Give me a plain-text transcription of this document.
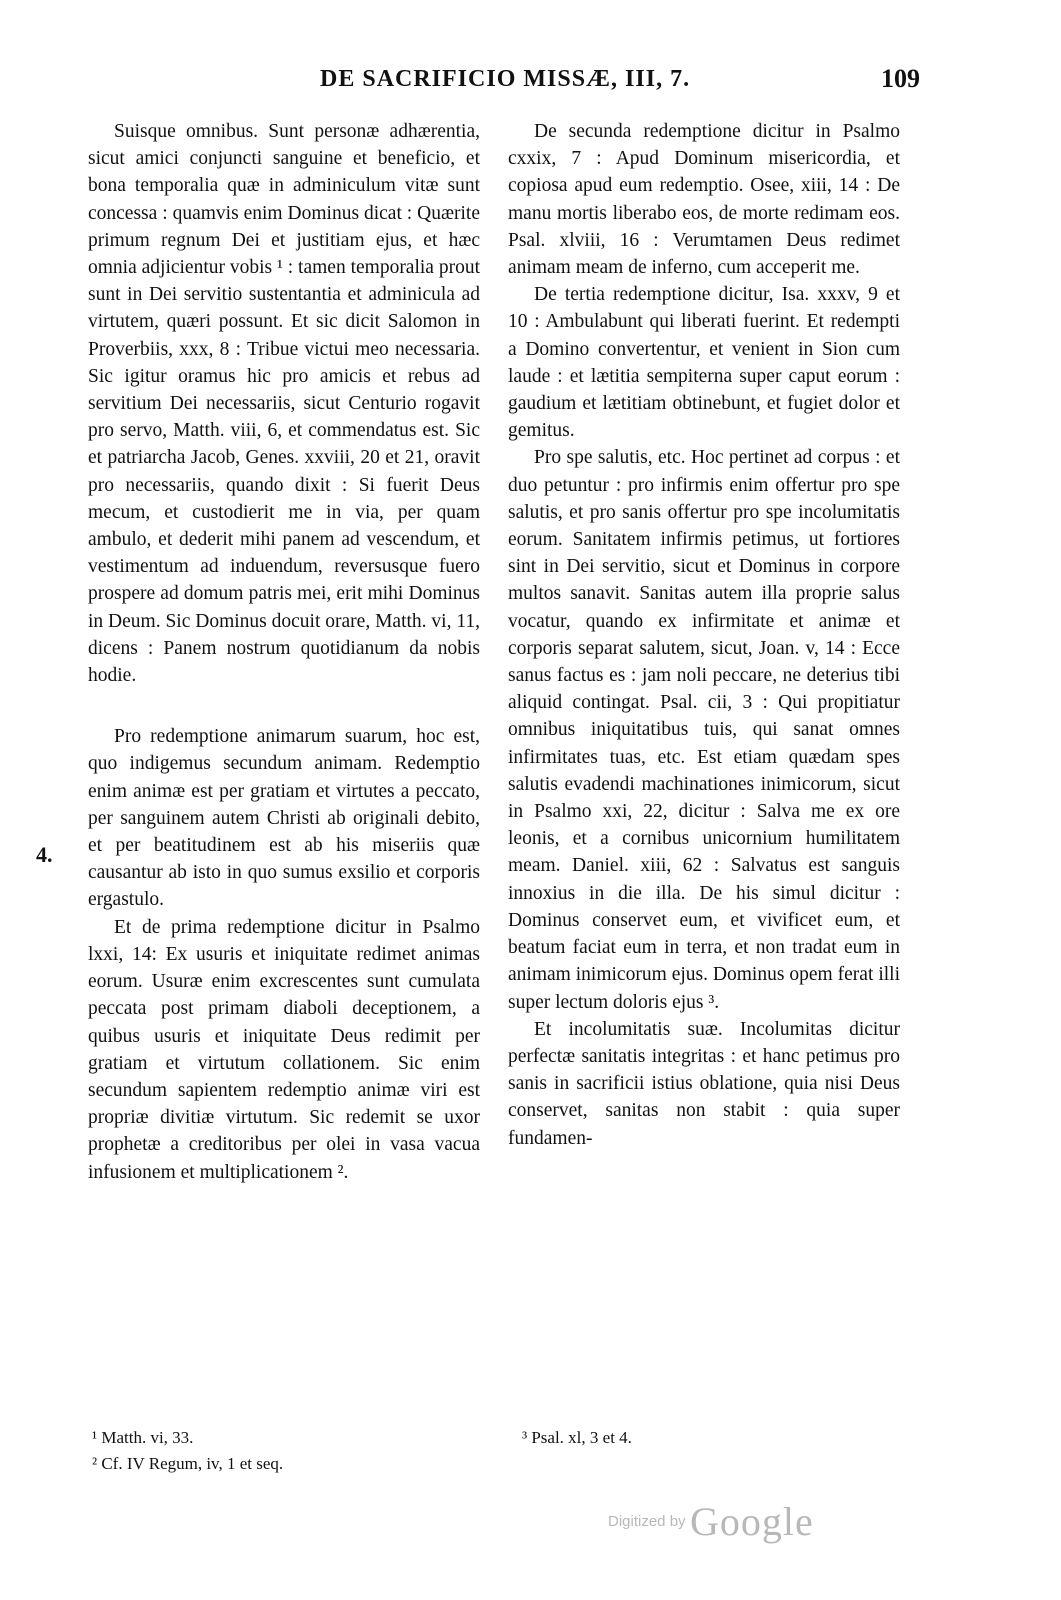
DE SACRIFICIO MISSÆ, III, 7.	109

Suisque omnibus. Sunt personæ adhærentia, sicut amici conjuncti sanguine et beneficio, et bona temporalia quæ in adminiculum vitæ sunt concessa : quamvis enim Dominus dicat : Quærite primum regnum Dei et justitiam ejus, et hæc omnia adjicientur vobis ¹ : tamen temporalia prout sunt in Dei servitio sustentantia et adminicula ad virtutem, quæri possunt. Et sic dicit Salomon in Proverbiis, xxx, 8 : Tribue victui meo necessaria. Sic igitur oramus hic pro amicis et rebus ad servitium Dei necessariis, sicut Centurio rogavit pro servo, Matth. viii, 6, et commendatus est. Sic et patriarcha Jacob, Genes. xxviii, 20 et 21, oravit pro necessariis, quando dixit : Si fuerit Deus mecum, et custodierit me in via, per quam ambulo, et dederit mihi panem ad vescendum, et vestimentum ad induendum, reversusque fuero prospere ad domum patris mei, erit mihi Dominus in Deum. Sic Dominus docuit orare, Matth. vi, 11, dicens : Panem nostrum quotidianum da nobis hodie.

Pro redemptione animarum suarum, hoc est, quo indigemus secundum animam. Redemptio enim animæ est per gratiam et virtutes a peccato, per sanguinem autem Christi ab originali debito, et per beatitudinem est ab his miseriis quæ causantur ab isto in quo sumus exsilio et corporis ergastulo.

Et de prima redemptione dicitur in Psalmo lxxi, 14: Ex usuris et iniquitate redimet animas eorum. Usuræ enim excrescentes sunt cumulata peccata post primam diaboli deceptionem, a quibus usuris et iniquitate Deus redimit per gratiam et virtutum collationem. Sic enim secundum sapientem redemptio animæ viri est propriæ divitiæ virtutum. Sic redemit se uxor prophetæ a creditoribus per olei in vasa vacua infusionem et multiplicationem ².

4.

De secunda redemptione dicitur in Psalmo cxxix, 7 : Apud Dominum misericordia, et copiosa apud eum redemptio. Osee, xiii, 14 : De manu mortis liberabo eos, de morte redimam eos. Psal. xlviii, 16 : Verumtamen Deus redimet animam meam de inferno, cum acceperit me.

De tertia redemptione dicitur, Isa. xxxv, 9 et 10 : Ambulabunt qui liberati fuerint. Et redempti a Domino convertentur, et venient in Sion cum laude : et lætitia sempiterna super caput eorum : gaudium et lætitiam obtinebunt, et fugiet dolor et gemitus.

Pro spe salutis, etc. Hoc pertinet ad corpus : et duo petuntur : pro infirmis enim offertur pro spe salutis, et pro sanis offertur pro spe incolumitatis eorum. Sanitatem infirmis petimus, ut fortiores sint in Dei servitio, sicut et Dominus in corpore multos sanavit. Sanitas autem illa proprie salus vocatur, quando ex infirmitate et animæ et corporis separat salutem, sicut, Joan. v, 14 : Ecce sanus factus es : jam noli peccare, ne deterius tibi aliquid contingat. Psal. cii, 3 : Qui propitiatur omnibus iniquitatibus tuis, qui sanat omnes infirmitates tuas, etc. Est etiam quædam spes salutis evadendi machinationes inimicorum, sicut in Psalmo xxi, 22, dicitur : Salva me ex ore leonis, et a cornibus unicornium humilitatem meam. Daniel. xiii, 62 : Salvatus est sanguis innoxius in die illa. De his simul dicitur : Dominus conservet eum, et vivificet eum, et beatum faciat eum in terra, et non tradat eum in animam inimicorum ejus. Dominus opem ferat illi super lectum doloris ejus ³.

Et incolumitatis suæ. Incolumitas dicitur perfectæ sanitatis integritas : et hanc petimus pro sanis in sacrificii istius oblatione, quia nisi Deus conservet, sanitas non stabit : quia super fundamen-

¹ Matth. vi, 33.
² Cf. IV Regum, iv, 1 et seq.
³ Psal. xl, 3 et 4.
Digitized by Google
